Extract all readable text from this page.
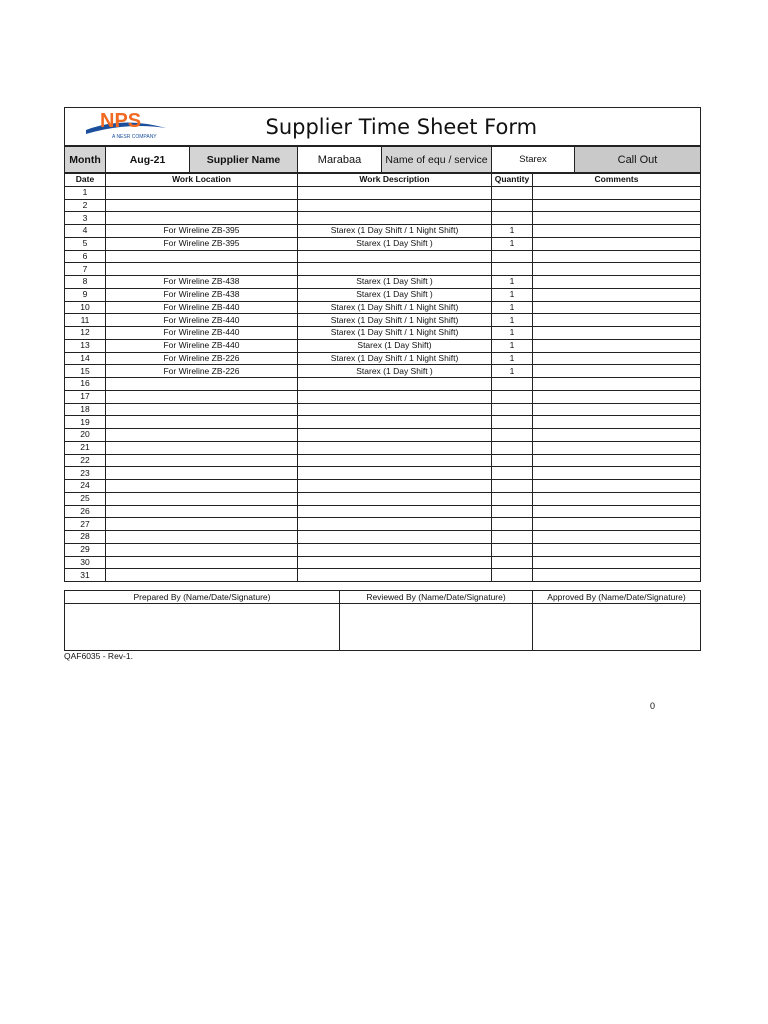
NPS
A NESR COMPANY	Supplier Time Sheet Form
Month	Aug-21	Supplier Name	Marabaa	Name of equ / service	Starex	Call Out
Date	Work Location	Work Description	Quantity	Comments
1				
2				
3				
4	For Wireline ZB-395	Starex (1 Day Shift / 1 Night Shift)	1	
5	For Wireline ZB-395	Starex (1 Day Shift )	1	
6				
7				
8	For Wireline ZB-438	Starex (1 Day Shift )	1	
9	For Wireline ZB-438	Starex (1 Day Shift )	1	
10	For Wireline ZB-440	Starex (1 Day Shift / 1 Night Shift)	1	
11	For Wireline ZB-440	Starex (1 Day Shift / 1 Night Shift)	1	
12	For Wireline ZB-440	Starex (1 Day Shift / 1 Night Shift)	1	
13	For Wireline ZB-440	Starex (1 Day Shift)	1	
14	For Wireline ZB-226	Starex (1 Day Shift / 1 Night Shift)	1	
15	For Wireline ZB-226	Starex (1 Day Shift )	1	
16				
17				
18				
19				
20				
21				
22				
23				
24				
25				
26				
27				
28				
29				
30				
31				
Prepared By (Name/Date/Signature)	Reviewed By (Name/Date/Signature)	Approved By (Name/Date/Signature)

QAF6035 - Rev-1.
0
